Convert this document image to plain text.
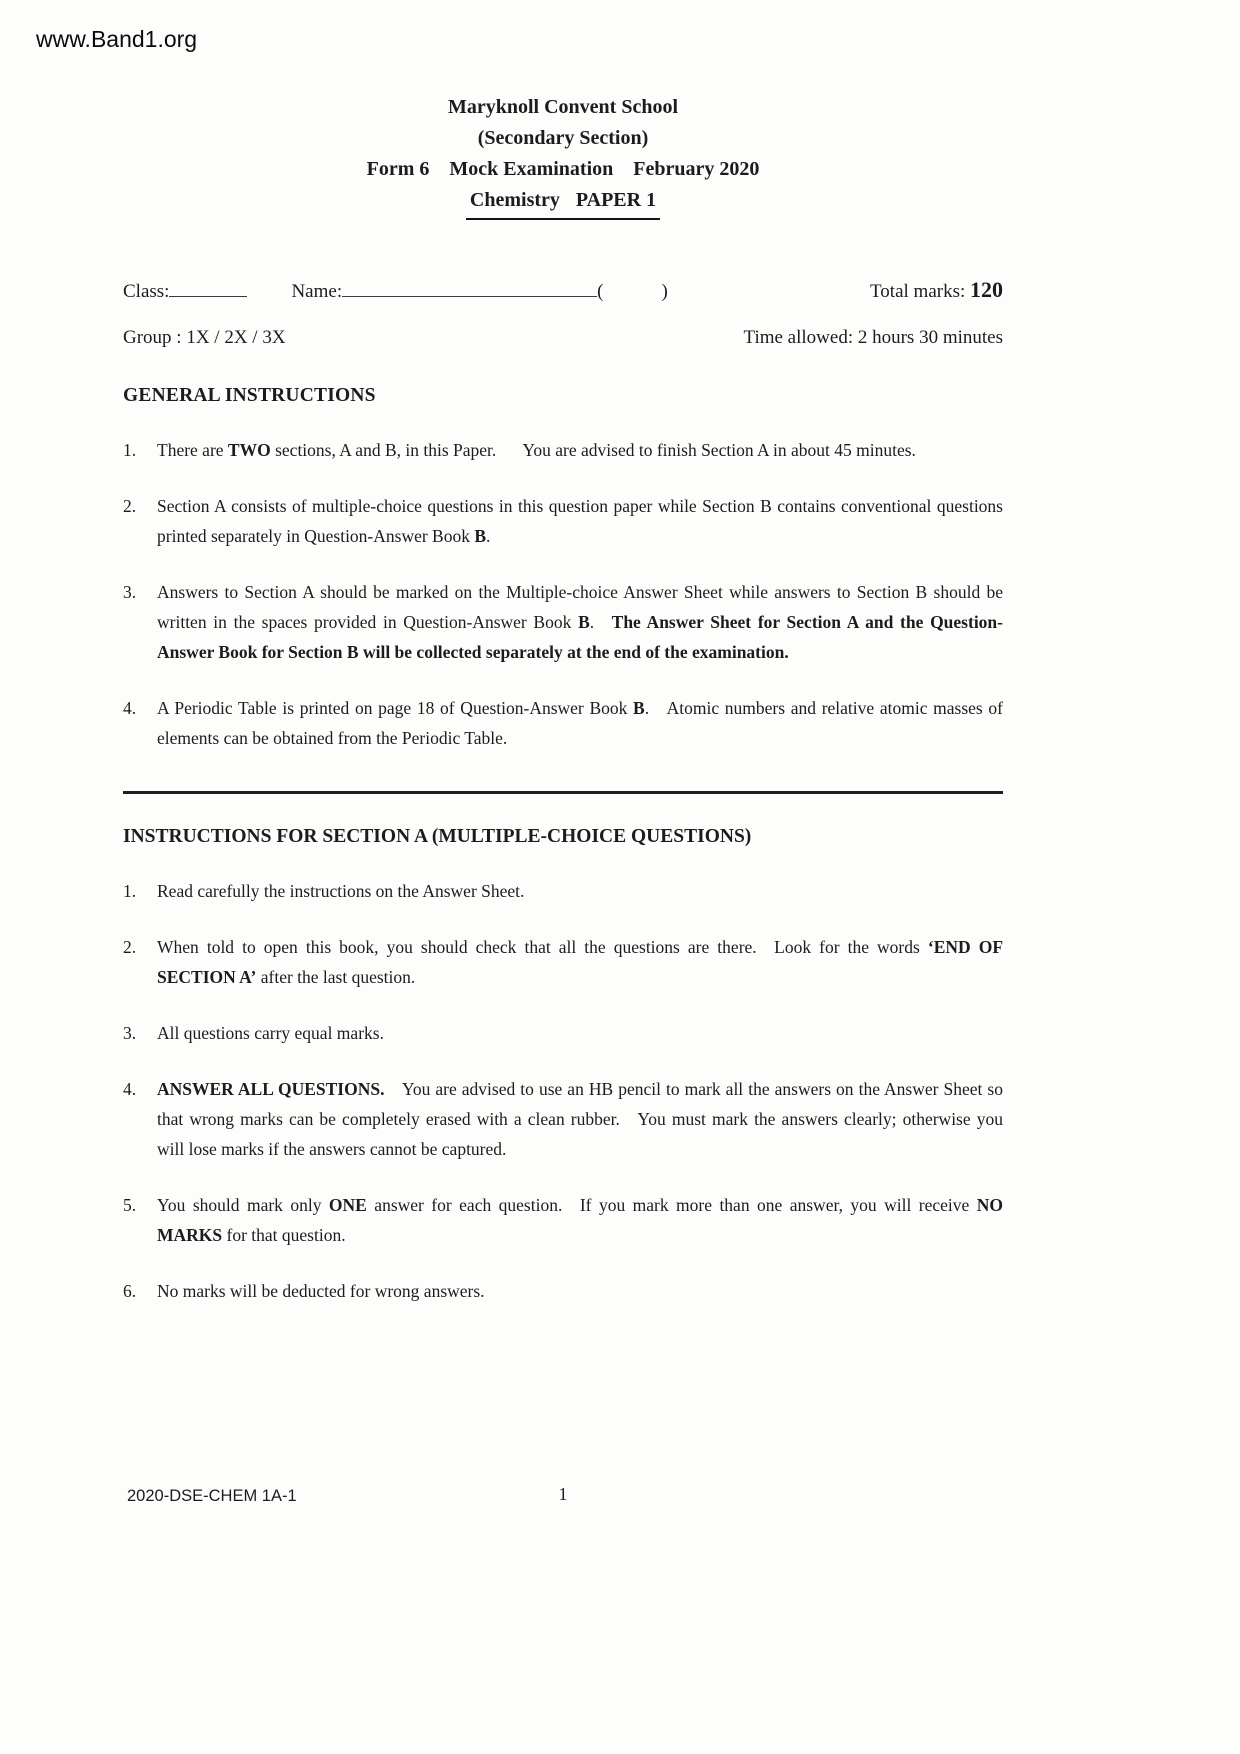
www.Band1.org
Maryknoll Convent School
(Secondary Section)
Form 6 Mock Examination February 2020
Chemistry PAPER 1
Class:	Name:	(	)	Total marks: 120
Group : 1X / 2X / 3X	Time allowed: 2 hours 30 minutes
GENERAL INSTRUCTIONS
1.	There are TWO sections, A and B, in this Paper.   You are advised to finish Section A in about 45 minutes.
2.	Section A consists of multiple-choice questions in this question paper while Section B contains conventional questions printed separately in Question-Answer Book B.
3.	Answers to Section A should be marked on the Multiple-choice Answer Sheet while answers to Section B should be written in the spaces provided in Question-Answer Book B.  The Answer Sheet for Section A and the Question-Answer Book for Section B will be collected separately at the end of the examination.
4.	A Periodic Table is printed on page 18 of Question-Answer Book B.  Atomic numbers and relative atomic masses of elements can be obtained from the Periodic Table.
INSTRUCTIONS FOR SECTION A (MULTIPLE-CHOICE QUESTIONS)
1.	Read carefully the instructions on the Answer Sheet.
2.	When told to open this book, you should check that all the questions are there.  Look for the words ‘END OF SECTION A’ after the last question.
3.	All questions carry equal marks.
4.	ANSWER ALL QUESTIONS.  You are advised to use an HB pencil to mark all the answers on the Answer Sheet so that wrong marks can be completely erased with a clean rubber.  You must mark the answers clearly; otherwise you will lose marks if the answers cannot be captured.
5.	You should mark only ONE answer for each question.  If you mark more than one answer, you will receive NO MARKS for that question.
6.	No marks will be deducted for wrong answers.
2020-DSE-CHEM 1A-1	1
